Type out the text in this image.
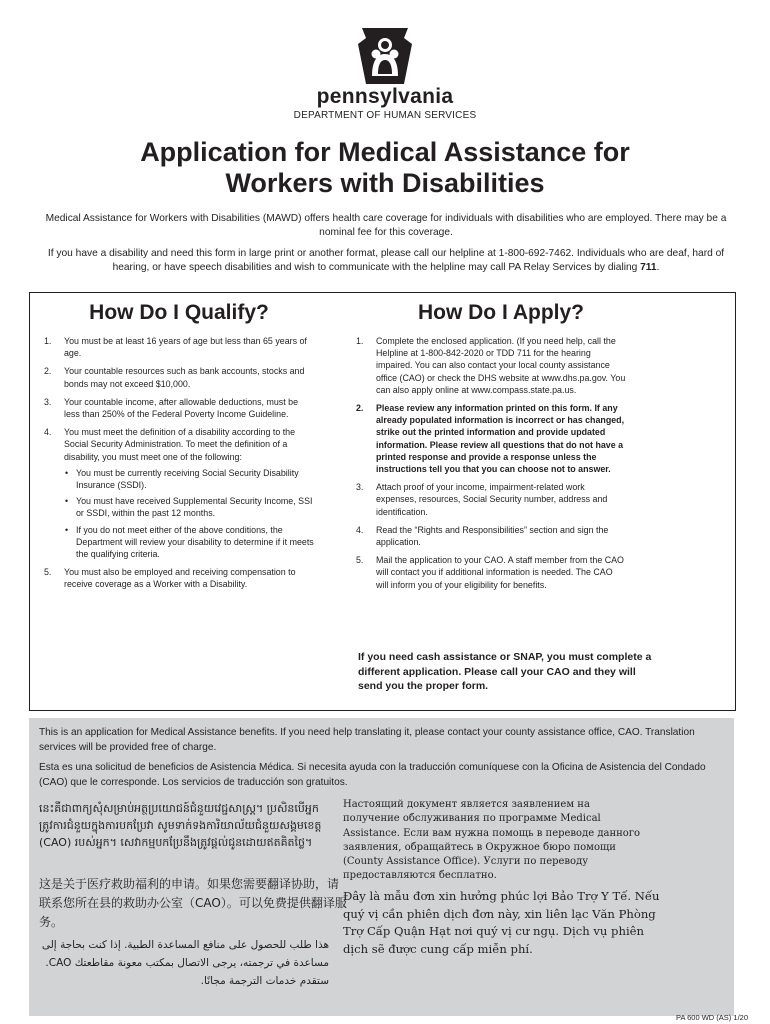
pennsylvania
DEPARTMENT OF HUMAN SERVICES
Application for Medical Assistance for
Workers with Disabilities
Medical Assistance for Workers with Disabilities (MAWD) offers health care coverage for individuals with disabilities who are employed. There may be a nominal fee for this coverage.
If you have a disability and need this form in large print or another format, please call our helpline at 1-800-692-7462. Individuals who are deaf, hard of hearing, or have speech disabilities and wish to communicate with the helpline may call PA Relay Services by dialing 711.
How Do I Qualify?
1. You must be at least 16 years of age but less than 65 years of age.
2. Your countable resources such as bank accounts, stocks and bonds may not exceed $10,000.
3. Your countable income, after allowable deductions, must be less than 250% of the Federal Poverty Income Guideline.
4. You must meet the definition of a disability according to the Social Security Administration. To meet the definition of a disability, you must meet one of the following:
• You must be currently receiving Social Security Disability Insurance (SSDI).
• You must have received Supplemental Security Income, SSI or SSDI, within the past 12 months.
• If you do not meet either of the above conditions, the Department will review your disability to determine if it meets the qualifying criteria.
5. You must also be employed and receiving compensation to receive coverage as a Worker with a Disability.
How Do I Apply?
1. Complete the enclosed application. (If you need help, call the Helpline at 1-800-842-2020 or TDD 711 for the hearing impaired. You can also contact your local county assistance office (CAO) or check the DHS website at www.dhs.pa.gov. You can also apply online at www.compass.state.pa.us.
2. Please review any information printed on this form. If any already populated information is incorrect or has changed, strike out the printed information and provide updated information. Please review all questions that do not have a printed response and provide a response unless the instructions tell you that you can choose not to answer.
3. Attach proof of your income, impairment-related work expenses, resources, Social Security number, address and identification.
4. Read the “Rights and Responsibilities” section and sign the application.
5. Mail the application to your CAO. A staff member from the CAO will contact you if additional information is needed. The CAO will inform you of your eligibility for benefits.
If you need cash assistance or SNAP, you must complete a different application. Please call your CAO and they will send you the proper form.
This is an application for Medical Assistance benefits. If you need help translating it, please contact your county assistance office, CAO. Translation services will be provided free of charge.
Esta es una solicitud de beneficios de Asistencia Médica. Si necesita ayuda con la traducción comuníquese con la Oficina de Asistencia del Condado (CAO) que le corresponde. Los servicios de traducción son gratuitos.
នេះគឺជាពាក្យសុំសម្រាប់អត្ថប្រយោជន៍ជំនួយវេជ្ជសាស្ត្រ។ ប្រសិនបើអ្នកត្រូវការជំនួយក្នុងការបកប្រែវា សូមទាក់ទងការិយាល័យជំនួយសង្គមខេត្ត (CAO) របស់អ្នក។ សេវាកម្មបកប្រែនឹងត្រូវផ្តល់ជូនដោយឥតគិតថ្លៃ។
这是关于医疗救助福利的申请。如果您需要翻译协助，请联系您所在县的救助办公室（CAO）。可以免费提供翻译服务。
هذا طلب للحصول على منافع المساعدة الطبية. إذا كنت بحاجة إلى مساعدة في ترجمته، يرجى الاتصال بمكتب معونة مقاطعتك CAO. ستقدم خدمات الترجمة مجانًا.
Настоящий документ является заявлением на получение обслуживания по программе Medical Assistance. Если вам нужна помощь в переводе данного заявления, обращайтесь в Окружное бюро помощи (County Assistance Office). Услуги по переводу предоставляются бесплатно.
Đây là mẫu đơn xin hưởng phúc lợi Bảo Trợ Y Tế. Nếu quý vị cần phiên dịch đơn này, xin liên lạc Văn Phòng Trợ Cấp Quận Hạt nơi quý vị cư ngụ. Dịch vụ phiên dịch sẽ được cung cấp miễn phí.
PA 600 WD (AS) 1/20
